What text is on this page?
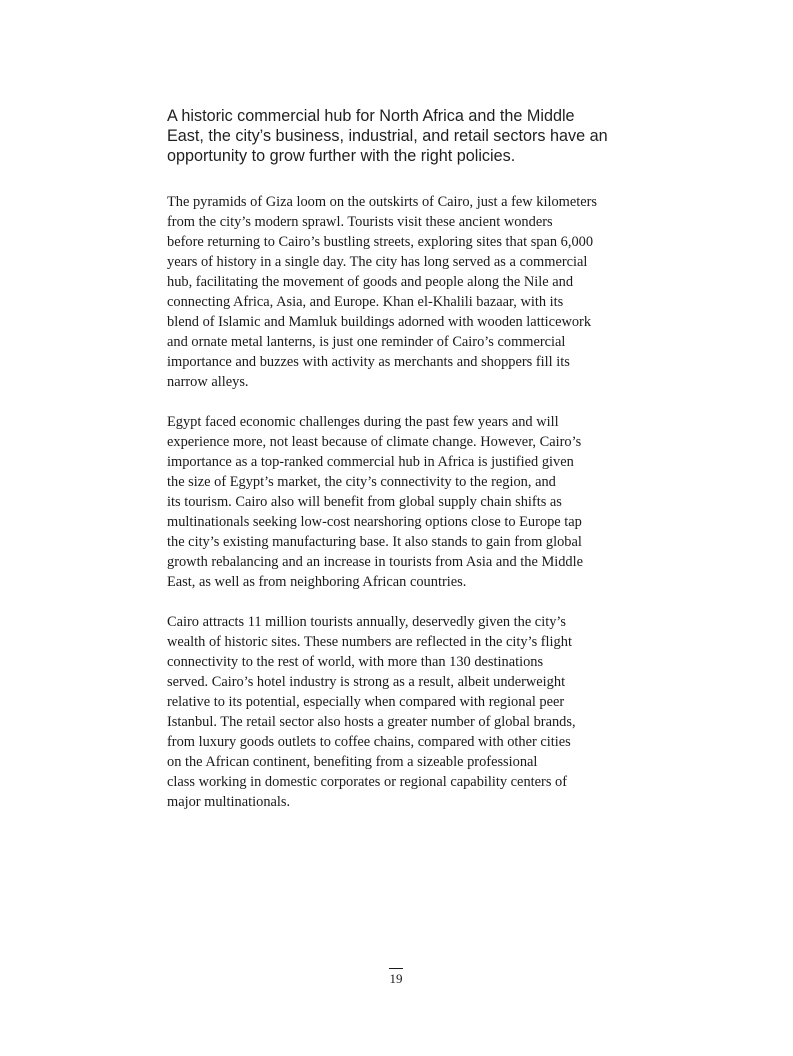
A historic commercial hub for North Africa and the Middle
East, the city’s business, industrial, and retail sectors have an
opportunity to grow further with the right policies.

The pyramids of Giza loom on the outskirts of Cairo, just a few kilometers
from the city’s modern sprawl. Tourists visit these ancient wonders
before returning to Cairo’s bustling streets, exploring sites that span 6,000
years of history in a single day. The city has long served as a commercial
hub, facilitating the movement of goods and people along the Nile and
connecting Africa, Asia, and Europe. Khan el-Khalili bazaar, with its
blend of Islamic and Mamluk buildings adorned with wooden latticework
and ornate metal lanterns, is just one reminder of Cairo’s commercial
importance and buzzes with activity as merchants and shoppers fill its
narrow alleys.

Egypt faced economic challenges during the past few years and will
experience more, not least because of climate change. However, Cairo’s
importance as a top-ranked commercial hub in Africa is justified given
the size of Egypt’s market, the city’s connectivity to the region, and
its tourism. Cairo also will benefit from global supply chain shifts as
multinationals seeking low-cost nearshoring options close to Europe tap
the city’s existing manufacturing base. It also stands to gain from global
growth rebalancing and an increase in tourists from Asia and the Middle
East, as well as from neighboring African countries.

Cairo attracts 11 million tourists annually, deservedly given the city’s
wealth of historic sites. These numbers are reflected in the city’s flight
connectivity to the rest of world, with more than 130 destinations
served. Cairo’s hotel industry is strong as a result, albeit underweight
relative to its potential, especially when compared with regional peer
Istanbul. The retail sector also hosts a greater number of global brands,
from luxury goods outlets to coffee chains, compared with other cities
on the African continent, benefiting from a sizeable professional
class working in domestic corporates or regional capability centers of
major multinationals.

19
